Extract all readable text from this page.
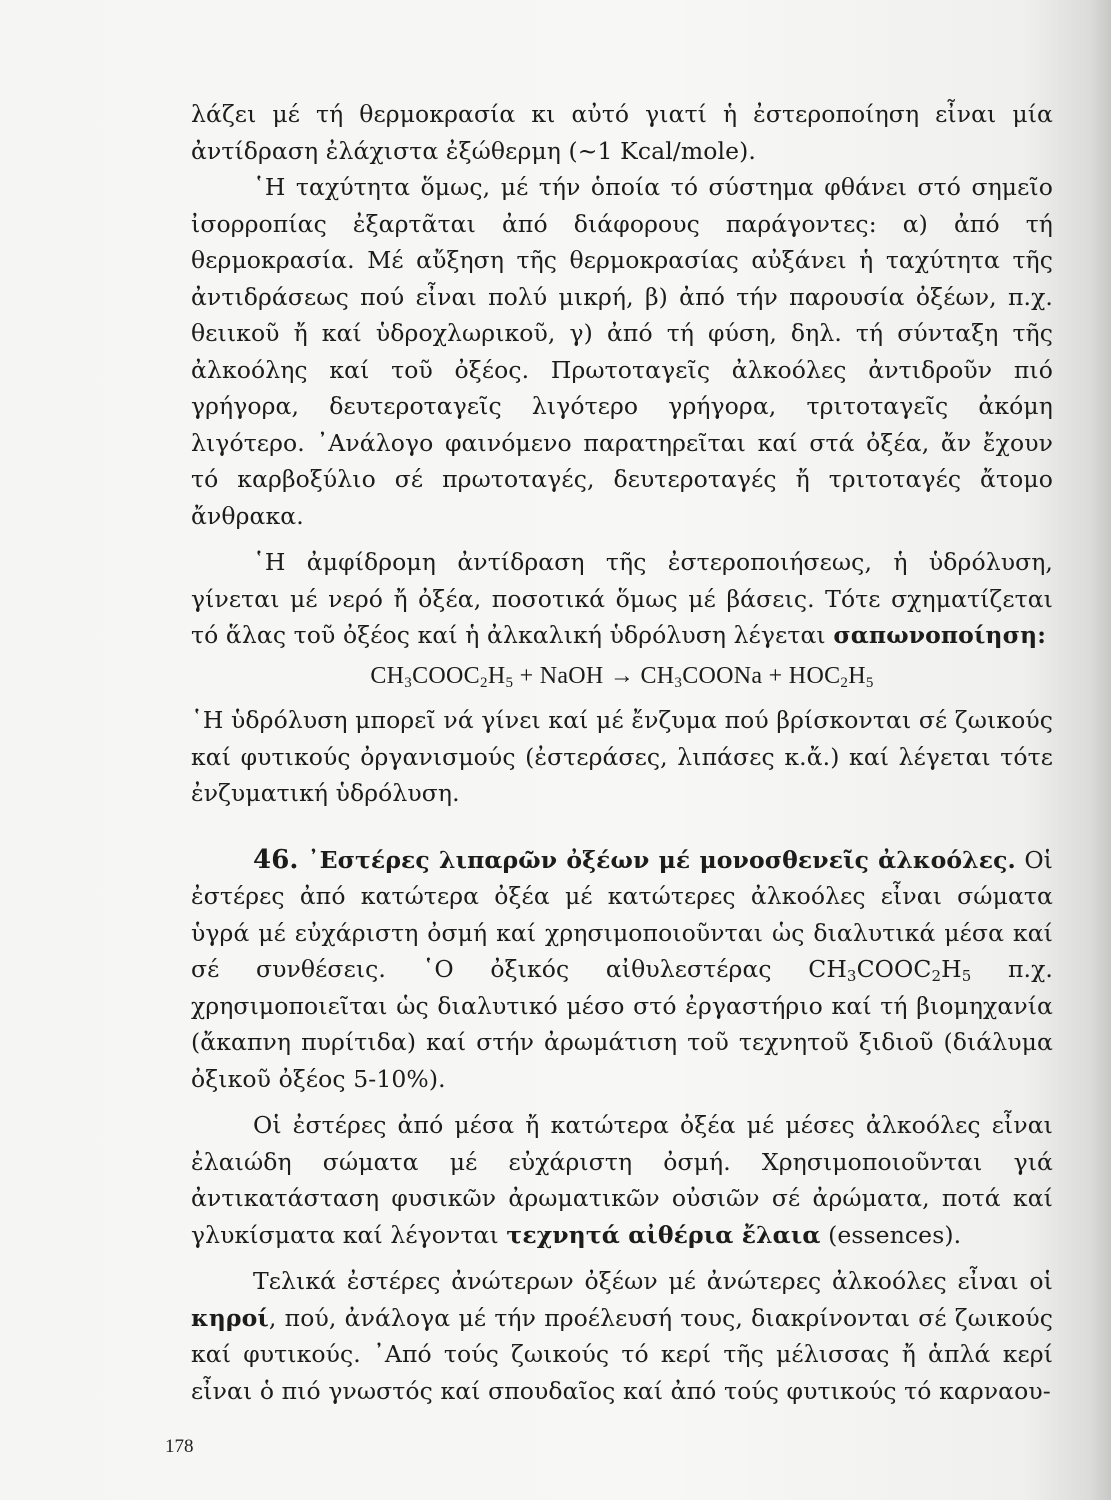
λάζει μέ τή θερμοκρασία κι αὐτό γιατί ἡ ἐστεροποίηση εἶναι μία ἀντίδραση ἐλάχιστα ἐξώθερμη (~1 Kcal/mole).

῾Η ταχύτητα ὅμως, μέ τήν ὁποία τό σύστημα φθάνει στό σημεῖο ἰσορροπίας ἐξαρτᾶται ἀπό διάφορους παράγοντες: α) ἀπό τή θερμοκρασία. Μέ αὔξηση τῆς θερμοκρασίας αὐξάνει ἡ ταχύτητα τῆς ἀντιδράσεως πού εἶναι πολύ μικρή, β) ἀπό τήν παρουσία ὀξέων, π.χ. θειικοῦ ἤ καί ὑδροχλωρικοῦ, γ) ἀπό τή φύση, δηλ. τή σύνταξη τῆς ἀλκοόλης καί τοῦ ὀξέος. Πρωτοταγεῖς ἀλκοόλες ἀντιδροῦν πιό γρήγορα, δευτεροταγεῖς λιγότερο γρήγορα, τριτοταγεῖς ἀκόμη λιγότερο. ᾿Ανάλογο φαινόμενο παρατηρεῖται καί στά ὀξέα, ἄν ἔχουν τό καρβοξύλιο σέ πρωτοταγές, δευτεροταγές ἤ τριτοταγές ἄτομο ἄνθρακα.

῾Η ἀμφίδρομη ἀντίδραση τῆς ἐστεροποιήσεως, ἡ ὑδρόλυση, γίνεται μέ νερό ἤ ὀξέα, ποσοτικά ὅμως μέ βάσεις. Τότε σχηματίζεται τό ἅλας τοῦ ὀξέος καί ἡ ἀλκαλική ὑδρόλυση λέγεται σαπωνοποίηση:

$CH_3COOC_2H_5$ + NaOH → $CH_3COONa + HOC_2H_5$

῾Η ὑδρόλυση μπορεῖ νά γίνει καί μέ ἔνζυμα πού βρίσκονται σέ ζωικούς καί φυτικούς ὀργανισμούς (ἐστεράσες, λιπάσες κ.ἄ.) καί λέγεται τότε ἐνζυματική ὑδρόλυση.

46. ᾿Εστέρες λιπαρῶν ὀξέων μέ μονοσθενεῖς ἀλκοόλες. Οἱ ἐστέρες ἀπό κατώτερα ὀξέα μέ κατώτερες ἀλκοόλες εἶναι σώματα ὑγρά μέ εὐχάριστη ὀσμή καί χρησιμοποιοῦνται ὡς διαλυτικά μέσα καί σέ συνθέσεις. ῾Ο ὀξικός αἰθυλεστέρας $CH_3COOC_2H_5$ π.χ. χρησιμοποιεῖται ὡς διαλυτικό μέσο στό ἐργαστήριο καί τή βιομηχανία (ἄκαπνη πυρίτιδα) καί στήν ἀρωμάτιση τοῦ τεχνητοῦ ξιδιοῦ (διάλυμα ὀξικοῦ ὀξέος 5-10%).

Οἱ ἐστέρες ἀπό μέσα ἤ κατώτερα ὀξέα μέ μέσες ἀλκοόλες εἶναι ἐλαιώδη σώματα μέ εὐχάριστη ὀσμή. Χρησιμοποιοῦνται γιά ἀντικατάσταση φυσικῶν ἀρωματικῶν οὐσιῶν σέ ἀρώματα, ποτά καί γλυκίσματα καί λέγονται τεχνητά αἰθέρια ἔλαια (essences).

Τελικά ἐστέρες ἀνώτερων ὀξέων μέ ἀνώτερες ἀλκοόλες εἶναι οἱ κηροί, πού, ἀνάλογα μέ τήν προέλευσή τους, διακρίνονται σέ ζωικούς καί φυτικούς. ᾿Από τούς ζωικούς τό κερί τῆς μέλισσας ἤ ἁπλά κερί εἶναι ὁ πιό γνωστός καί σπουδαῖος καί ἀπό τούς φυτικούς τό καρναου-

178
